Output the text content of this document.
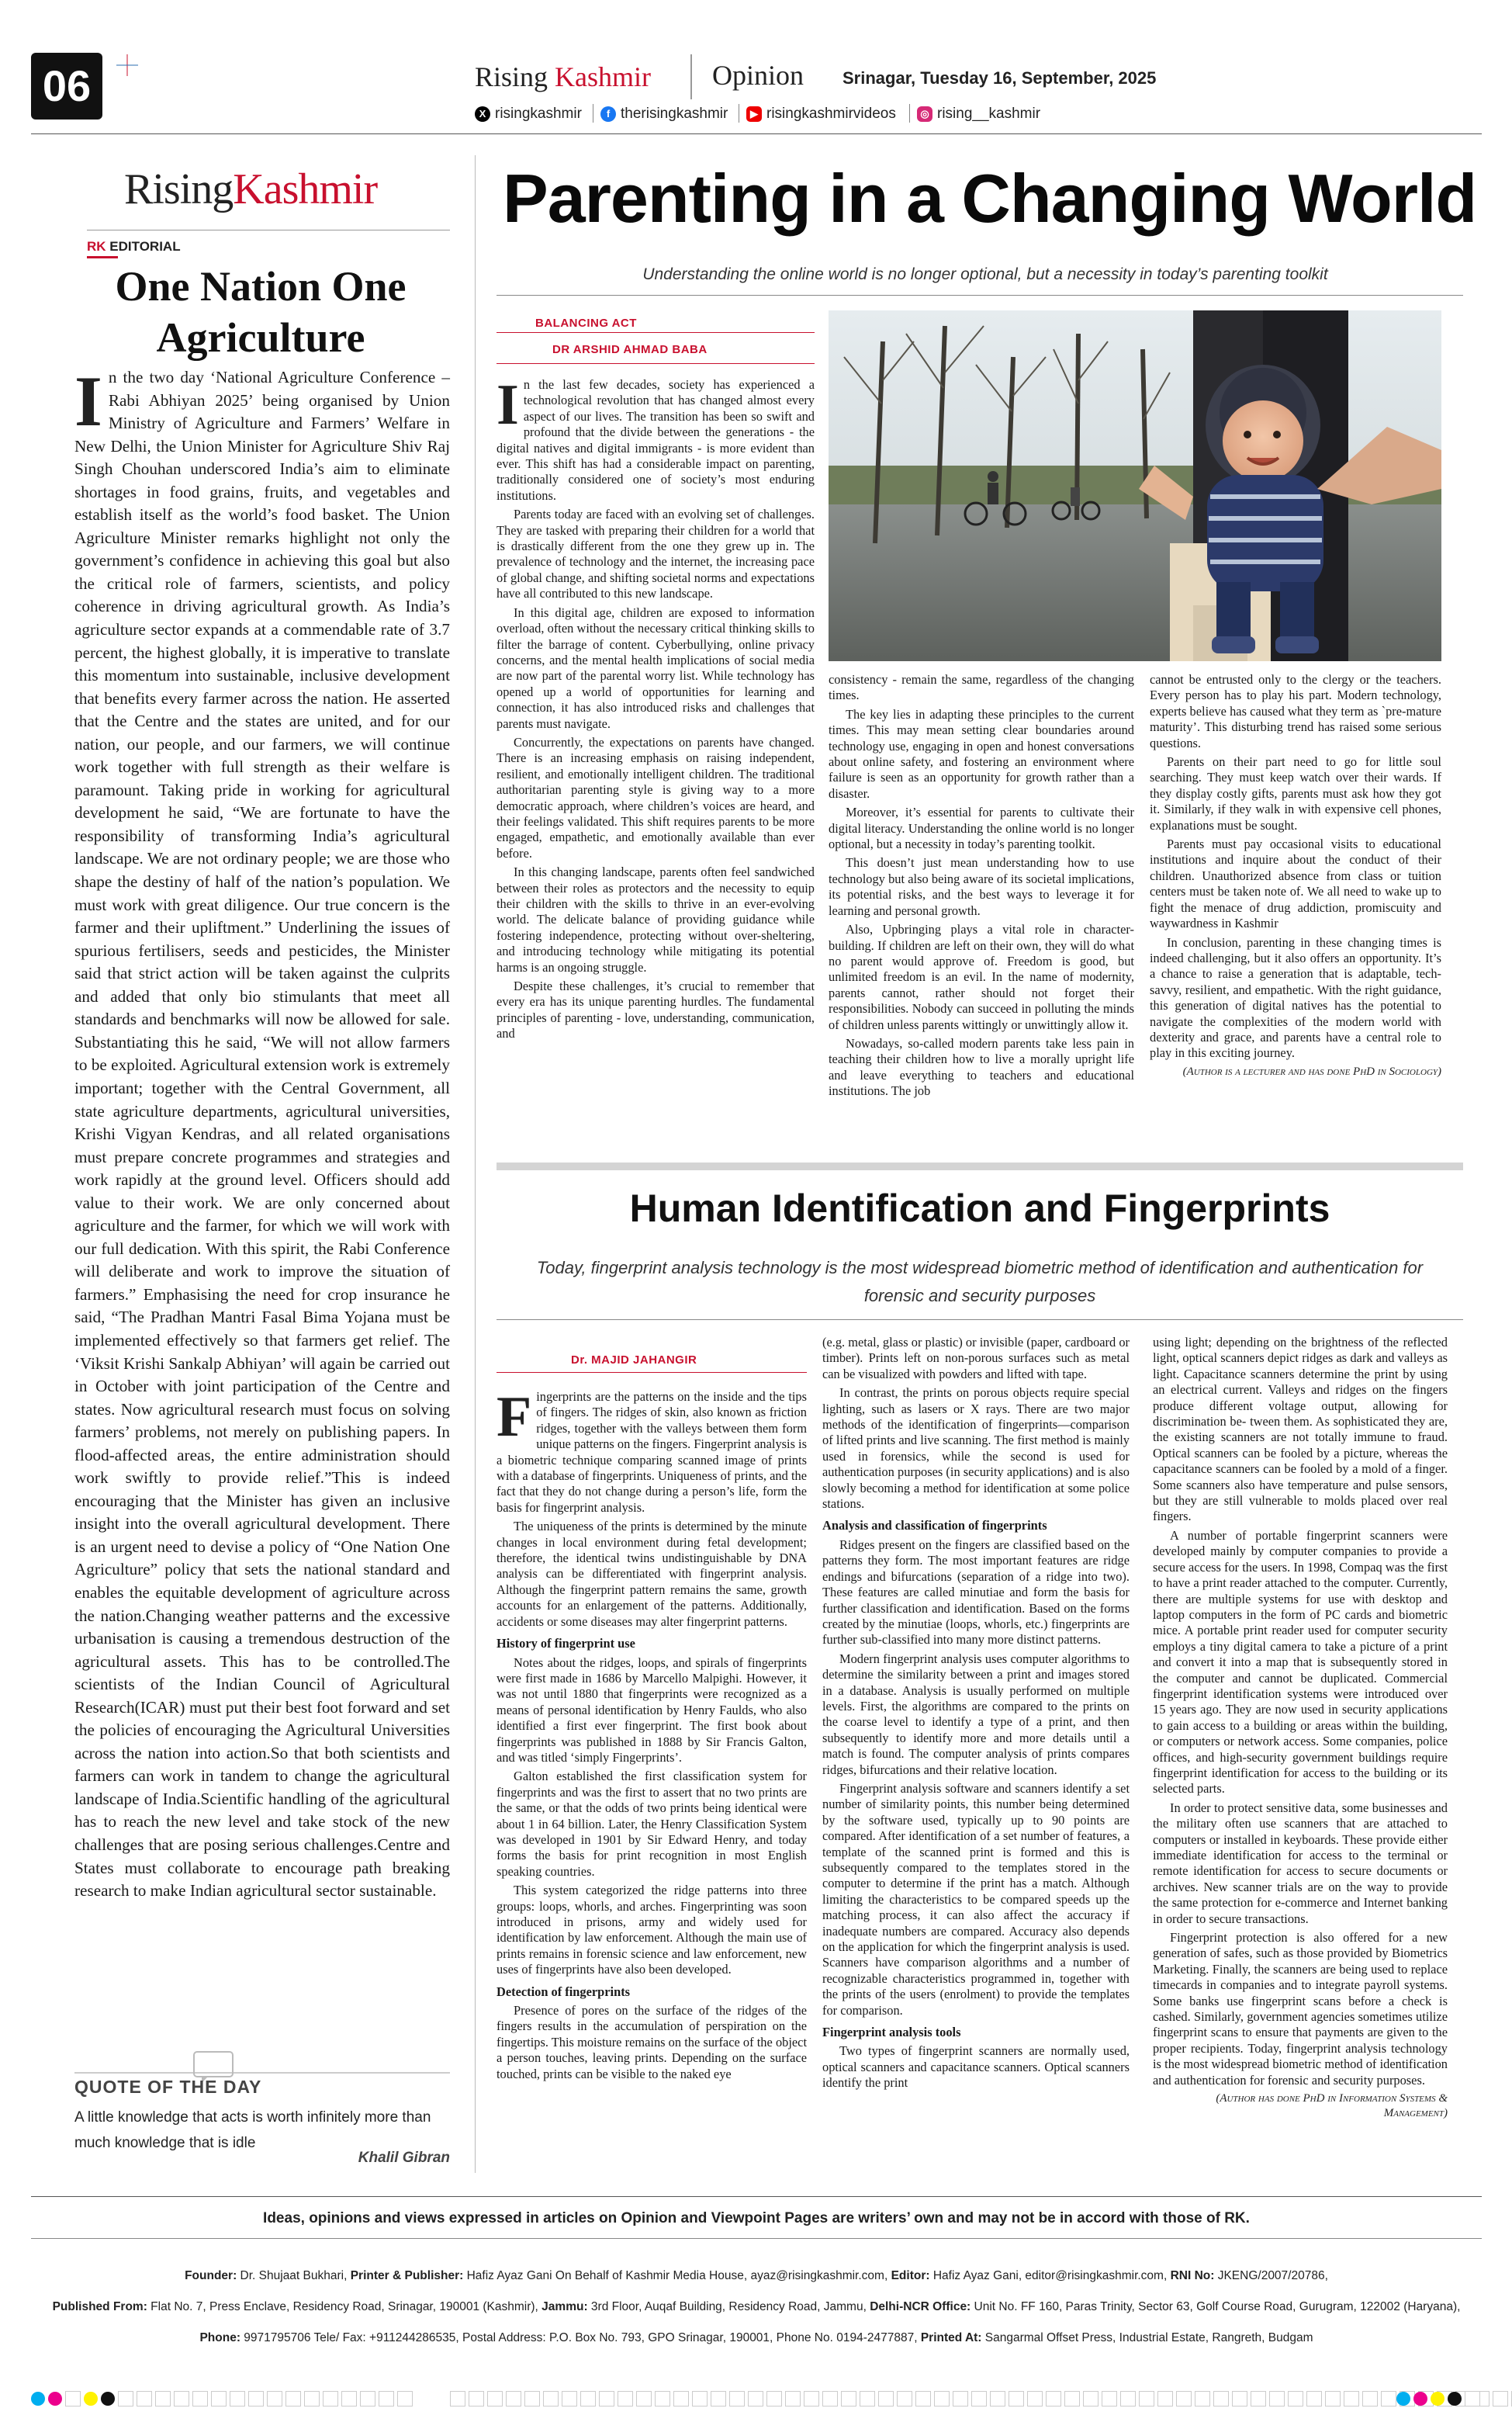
06	Rising Kashmir Opinion Srinagar, Tuesday 16, September, 2025
X risingkashmir	f therisingkashmir	▶ risingkashmirvideos	◎ rising__kashmir
RisingKashmir
RK EDITORIAL
One Nation One Agriculture
In the two day ‘National Agriculture Conference – Rabi Abhiyan 2025’ being organised by Union Ministry of Agriculture and Farmers’ Welfare in New Delhi, the Union Minister for Agriculture Shiv Raj Singh Chouhan underscored India’s aim to eliminate shortages in food grains, fruits, and vegetables and establish itself as the world’s food basket. The Union Agriculture Minister remarks highlight not only the government’s confidence in achieving this goal but also the critical role of farmers, scientists, and policy coherence in driving agricultural growth. As India’s agriculture sector expands at a commendable rate of 3.7 percent, the highest globally, it is imperative to translate this momentum into sustainable, inclusive development that benefits every farmer across the nation. He asserted that the Centre and the states are united, and for our nation, our people, and our farmers, we will continue work together with full strength as their welfare is paramount. Taking pride in working for agricultural development he said, “We are fortunate to have the responsibility of transforming India’s agricultural landscape. We are not ordinary people; we are those who shape the destiny of half of the nation’s population. We must work with great diligence. Our true concern is the farmer and their upliftment.” Underlining the issues of spurious fertilisers, seeds and pesticides, the Minister said that strict action will be taken against the culprits and added that only bio stimulants that meet all standards and benchmarks will now be allowed for sale. Substantiating this he said, “We will not allow farmers to be exploited. Agricultural extension work is extremely important; together with the Central Government, all state agriculture departments, agricultural universities, Krishi Vigyan Kendras, and all related organisations must prepare concrete programmes and strategies and work rapidly at the ground level. Officers should add value to their work. We are only concerned about agriculture and the farmer, for which we will work with our full dedication. With this spirit, the Rabi Conference will deliberate and work to improve the situation of farmers.” Emphasising the need for crop insurance he said, “The Pradhan Mantri Fasal Bima Yojana must be implemented effectively so that farmers get relief. The ‘Viksit Krishi Sankalp Abhiyan’ will again be carried out in October with joint participation of the Centre and states. Now agricultural research must focus on solving farmers’ problems, not merely on publishing papers. In flood-affected areas, the entire administration should work swiftly to provide relief.”This is indeed encouraging that the Minister has given an inclusive insight into the overall agricultural development. There is an urgent need to devise a policy of “One Nation One Agriculture” policy that sets the national standard and enables the equitable development of agriculture across the nation.Changing weather patterns and the excessive urbanisation is causing a tremendous destruction of the agricultural assets. This has to be controlled.The scientists of the Indian Council of Agricultural Research(ICAR) must put their best foot forward and set the policies of encouraging the Agricultural Universities across the nation into action.So that both scientists and farmers can work in tandem to change the agricultural landscape of India.Scientific handling of the agricultural has to reach the new level and take stock of the new challenges that are posing serious challenges.Centre and States must collaborate to encourage path breaking research to make Indian agricultural sector sustainable.
QUOTE OF THE DAY
A little knowledge that acts is worth infinitely more than much knowledge that is idle
Khalil Gibran
Parenting in a Changing World
Understanding the online world is no longer optional, but a necessity in today’s parenting toolkit
BALANCING ACT
DR ARSHID AHMAD BABA

In the last few decades, society has experienced a technological revolution that has changed almost every aspect of our lives. The transition has been so swift and profound that the divide between the generations - the digital natives and digital immigrants - is more evident than ever. This shift has had a considerable impact on parenting, traditionally considered one of society’s most enduring institutions.

Parents today are faced with an evolving set of challenges. They are tasked with preparing their children for a world that is drastically different from the one they grew up in. The prevalence of technology and the internet, the increasing pace of global change, and shifting societal norms and expectations have all contributed to this new landscape.

In this digital age, children are exposed to information overload, often without the necessary critical thinking skills to filter the barrage of content. Cyberbullying, online privacy concerns, and the mental health implications of social media are now part of the parental worry list. While technology has opened up a world of opportunities for learning and connection, it has also introduced risks and challenges that parents must navigate.

Concurrently, the expectations on parents have changed. There is an increasing emphasis on raising independent, resilient, and emotionally intelligent children. The traditional authoritarian parenting style is giving way to a more democratic approach, where children’s voices are heard, and their feelings validated. This shift requires parents to be more engaged, empathetic, and emotionally available than ever before.

In this changing landscape, parents often feel sandwiched between their roles as protectors and the necessity to equip their children with the skills to thrive in an ever-evolving world. The delicate balance of providing guidance while fostering independence, protecting without over-sheltering, and introducing technology while mitigating its potential harms is an ongoing struggle.

Despite these challenges, it’s crucial to remember that every era has its unique parenting hurdles. The fundamental principles of parenting - love, understanding, communication, and

consistency - remain the same, regardless of the changing times.

The key lies in adapting these principles to the current times. This may mean setting clear boundaries around technology use, engaging in open and honest conversations about online safety, and fostering an environment where failure is seen as an opportunity for growth rather than a disaster.

Moreover, it’s essential for parents to cultivate their digital literacy. Understanding the online world is no longer optional, but a necessity in today’s parenting toolkit.

This doesn’t just mean understanding how to use technology but also being aware of its societal implications, its potential risks, and the best ways to leverage it for learning and personal growth.

Also, Upbringing plays a vital role in character-building. If children are left on their own, they will do what no parent would approve of. Freedom is good, but unlimited freedom is an evil. In the name of modernity, parents cannot, rather should not forget their responsibilities. Nobody can succeed in polluting the minds of children unless parents wittingly or unwittingly allow it.

Nowadays, so-called modern parents take less pain in teaching their children how to live a morally upright life and leave everything to teachers and educational institutions. The job

cannot be entrusted only to the clergy or the teachers. Every person has to play his part. Modern technology, experts believe has caused what they term as `pre-mature maturity’. This disturbing trend has raised some serious questions.

Parents on their part need to go for little soul searching. They must keep watch over their wards. If they display costly gifts, parents must ask how they got it. Similarly, if they walk in with expensive cell phones, explanations must be sought.

Parents must pay occasional visits to educational institutions and inquire about the conduct of their children. Unauthorized absence from class or tuition centers must be taken note of. We all need to wake up to fight the menace of drug addiction, promiscuity and waywardness in Kashmir

In conclusion, parenting in these changing times is indeed challenging, but it also offers an opportunity. It’s a chance to raise a generation that is adaptable, tech-savvy, resilient, and empathetic. With the right guidance, this generation of digital natives has the potential to navigate the complexities of the modern world with dexterity and grace, and parents have a central role to play in this exciting journey.

(Author is a lecturer and has done PhD in Sociology)
Human Identification and Fingerprints
Today, fingerprint analysis technology is the most widespread biometric method of identification and authentication for forensic and security purposes
Dr. MAJID JAHANGIR

Fingerprints are the patterns on the inside and the tips of fingers. The ridges of skin, also known as friction ridges, together with the valleys between them form unique patterns on the fingers. Fingerprint analysis is a biometric technique comparing scanned image of prints with a database of fingerprints. Uniqueness of prints, and the fact that they do not change during a person’s life, form the basis for fingerprint analysis.

The uniqueness of the prints is determined by the minute changes in local environment during fetal development; therefore, the identical twins undistinguishable by DNA analysis can be differentiated with fingerprint analysis. Although the fingerprint pattern remains the same, growth accounts for an enlargement of the patterns. Additionally, accidents or some diseases may alter fingerprint patterns.

History of fingerprint use

Notes about the ridges, loops, and spirals of fingerprints were first made in 1686 by Marcello Malpighi. However, it was not until 1880 that fingerprints were recognized as a means of personal identification by Henry Faulds, who also identified a first ever fingerprint. The first book about fingerprints was published in 1888 by Sir Francis Galton, and was titled ‘simply Fingerprints’.

Galton established the first classification system for fingerprints and was the first to assert that no two prints are the same, or that the odds of two prints being identical were about 1 in 64 billion. Later, the Henry Classification System was developed in 1901 by Sir Edward Henry, and today forms the basis for print recognition in most English speaking countries.

This system categorized the ridge patterns into three groups: loops, whorls, and arches. Fingerprinting was soon introduced in prisons, army and widely used for identification by law enforcement. Although the main use of prints remains in forensic science and law enforcement, new uses of fingerprints have also been developed.

Detection of fingerprints

Presence of pores on the surface of the ridges of the fingers results in the accumulation of perspiration on the fingertips. This moisture remains on the surface of the object a person touches, leaving prints. Depending on the surface touched, prints can be visible to the naked eye

(e.g. metal, glass or plastic) or invisible (paper, cardboard or timber). Prints left on non-porous surfaces such as metal can be visualized with powders and lifted with tape.

In contrast, the prints on porous objects require special lighting, such as lasers or X rays. There are two major methods of the identification of fingerprints—comparison of lifted prints and live scanning. The first method is mainly used in forensics, while the second is used for authentication purposes (in security applications) and is also slowly becoming a method for identification at some police stations.

Analysis and classification of fingerprints

Ridges present on the fingers are classified based on the patterns they form. The most important features are ridge endings and bifurcations (separation of a ridge into two). These features are called minutiae and form the basis for further classification and identification. Based on the forms created by the minutiae (loops, whorls, etc.) fingerprints are further sub-classified into many more distinct patterns.

Modern fingerprint analysis uses computer algorithms to determine the similarity between a print and images stored in a database. Analysis is usually performed on multiple levels. First, the algorithms are compared to the prints on the coarse level to identify a type of a print, and then subsequently to identify more and more details until a match is found. The computer analysis of prints compares ridges, bifurcations and their relative location.

Fingerprint analysis software and scanners identify a set number of similarity points, this number being determined by the software used, typically up to 90 points are compared. After identification of a set number of features, a template of the scanned print is formed and this is subsequently compared to the templates stored in the computer to determine if the print has a match. Although limiting the characteristics to be compared speeds up the matching process, it can also affect the accuracy if inadequate numbers are compared. Accuracy also depends on the application for which the fingerprint analysis is used. Scanners have comparison algorithms and a number of recognizable characteristics programmed in, together with the prints of the users (enrolment) to provide the templates for comparison.

Fingerprint analysis tools

Two types of fingerprint scanners are normally used, optical scanners and capacitance scanners. Optical scanners identify the print

using light; depending on the brightness of the reflected light, optical scanners depict ridges as dark and valleys as light. Capacitance scanners determine the print by using an electrical current. Valleys and ridges on the fingers produce different voltage output, allowing for discrimination be- tween them. As sophisticated they are, the existing scanners are not totally immune to fraud. Optical scanners can be fooled by a picture, whereas the capacitance scanners can be fooled by a mold of a finger. Some scanners also have temperature and pulse sensors, but they are still vulnerable to molds placed over real fingers.

A number of portable fingerprint scanners were developed mainly by computer companies to provide a secure access for the users. In 1998, Compaq was the first to have a print reader attached to the computer. Currently, there are multiple systems for use with desktop and laptop computers in the form of PC cards and biometric mice. A portable print reader used for computer security employs a tiny digital camera to take a picture of a print and convert it into a map that is subsequently stored in the computer and cannot be duplicated. Commercial fingerprint identification systems were introduced over 15 years ago. They are now used in security applications to gain access to a building or areas within the building, or computers or network access. Some companies, police offices, and high-security government buildings require fingerprint identification for access to the building or its selected parts.

In order to protect sensitive data, some businesses and the military often use scanners that are attached to computers or installed in keyboards. These provide either immediate identification for access to the terminal or remote identification for access to secure documents or archives. New scanner trials are on the way to provide the same protection for e-commerce and Internet banking in order to secure transactions.

Fingerprint protection is also offered for a new generation of safes, such as those provided by Biometrics Marketing. Finally, the scanners are being used to replace timecards in companies and to integrate payroll systems. Some banks use fingerprint scans before a check is cashed. Similarly, government agencies sometimes utilize fingerprint scans to ensure that payments are given to the proper recipients. Today, fingerprint analysis technology is the most widespread biometric method of identification and authentication for forensic and security purposes.

(Author has done PhD in Information Systems & Management)
Ideas, opinions and views expressed in articles on Opinion and Viewpoint Pages are writers’ own and may not be in accord with those of RK.
Founder: Dr. Shujaat Bukhari, Printer & Publisher: Hafiz Ayaz Gani On Behalf of Kashmir Media House, ayaz@risingkashmir.com, Editor: Hafiz Ayaz Gani, editor@risingkashmir.com, RNI No: JKENG/2007/20786,
Published From: Flat No. 7, Press Enclave, Residency Road, Srinagar, 190001 (Kashmir), Jammu: 3rd Floor, Auqaf Building, Residency Road, Jammu, Delhi-NCR Office: Unit No. FF 160, Paras Trinity, Sector 63, Golf Course Road, Gurugram, 122002 (Haryana),
Phone: 9971795706 Tele/ Fax: +911244286535, Postal Address: P.O. Box No. 793, GPO Srinagar, 190001, Phone No. 0194-2477887, Printed At: Sangarmal Offset Press, Industrial Estate, Rangreth, Budgam
